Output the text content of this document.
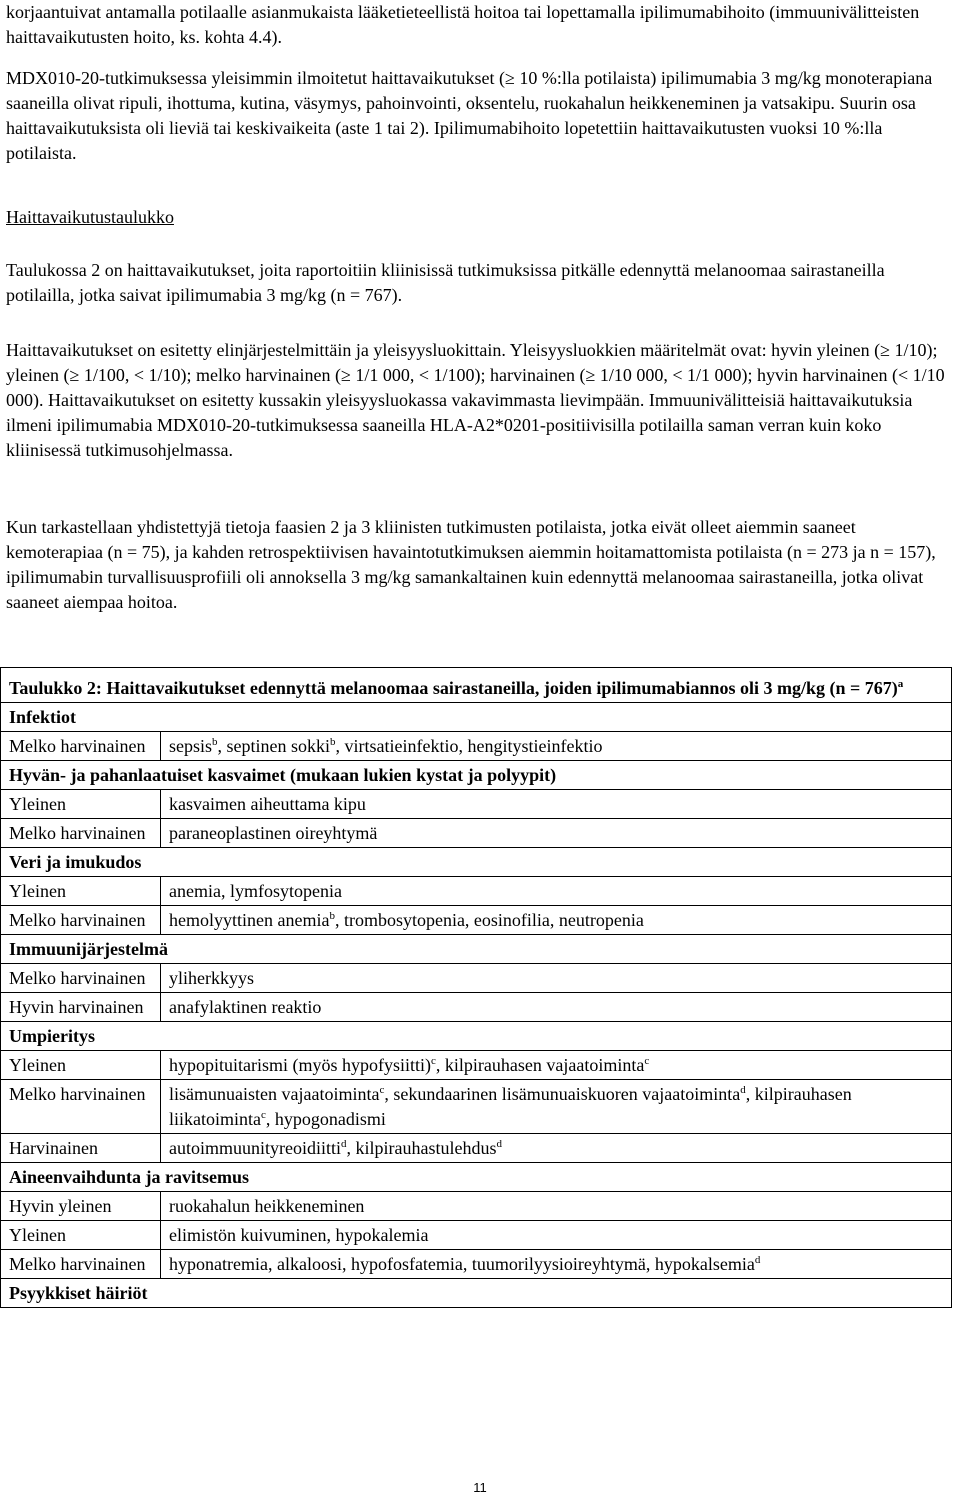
korjaantuivat antamalla potilaalle asianmukaista lääketieteellistä hoitoa tai lopettamalla ipilimumabihoito (immuunivälitteisten haittavaikutusten hoito, ks. kohta 4.4).

MDX010-20-tutkimuksessa yleisimmin ilmoitetut haittavaikutukset (≥ 10 %:lla potilaista) ipilimumabia 3 mg/kg monoterapiana saaneilla olivat ripuli, ihottuma, kutina, väsymys, pahoinvointi, oksentelu, ruokahalun heikkeneminen ja vatsakipu. Suurin osa haittavaikutuksista oli lieviä tai keskivaikeita (aste 1 tai 2). Ipilimumabihoito lopetettiin haittavaikutusten vuoksi 10 %:lla potilaista.

Haittavaikutustaulukko

Taulukossa 2 on haittavaikutukset, joita raportoitiin kliinisissä tutkimuksissa pitkälle edennyttä melanoomaa sairastaneilla potilailla, jotka saivat ipilimumabia 3 mg/kg (n = 767).

Haittavaikutukset on esitetty elinjärjestelmittäin ja yleisyysluokittain. Yleisyysluokkien määritelmät ovat: hyvin yleinen (≥ 1/10); yleinen (≥ 1/100, < 1/10); melko harvinainen (≥ 1/1 000, < 1/100); harvinainen (≥ 1/10 000, < 1/1 000); hyvin harvinainen (< 1/10 000). Haittavaikutukset on esitetty kussakin yleisyysluokassa vakavimmasta lievimpään. Immuunivälitteisiä haittavaikutuksia ilmeni ipilimumabia MDX010-20-tutkimuksessa saaneilla HLA-A2*0201-positiivisilla potilailla saman verran kuin koko kliinisessä tutkimusohjelmassa.

Kun tarkastellaan yhdistettyjä tietoja faasien 2 ja 3 kliinisten tutkimusten potilaista, jotka eivät olleet aiemmin saaneet kemoterapiaa (n = 75), ja kahden retrospektiivisen havaintotutkimuksen aiemmin hoitamattomista potilaista (n = 273 ja n = 157), ipilimumabin turvallisuusprofiili oli annoksella 3 mg/kg samankaltainen kuin edennyttä melanoomaa sairastaneilla, jotka olivat saaneet aiempaa hoitoa.

Taulukko 2: Haittavaikutukset edennyttä melanoomaa sairastaneilla, joiden ipilimumabiannos oli 3 mg/kg (n = 767)$^a$
Infektiot	
Melko harvinainen	sepsis$^b$, septinen sokki$^b$, virtsatieinfektio, hengitystieinfektio
Hyvän- ja pahanlaatuiset kasvaimet (mukaan lukien kystat ja polyypit)	
Yleinen	kasvaimen aiheuttama kipu
Melko harvinainen	paraneoplastinen oireyhtymä
Veri ja imukudos	
Yleinen	anemia, lymfosytopenia
Melko harvinainen	hemolyyttinen anemia$^b$, trombosytopenia, eosinofilia, neutropenia
Immuunijärjestelmä	
Melko harvinainen	yliherkkyys
Hyvin harvinainen	anafylaktinen reaktio
Umpieritys	
Yleinen	hypopituitarismi (myös hypofysiitti)$^c$, kilpirauhasen vajaatoiminta$^c$
Melko harvinainen	lisämunuaisten vajaatoiminta$^c$, sekundaarinen lisämunuaiskuoren vajaatoiminta$^d$, kilpirauhasen liikatoiminta$^c$, hypogonadismi
Harvinainen	autoimmuunityreoidiitti$^d$, kilpirauhastulehdus$^d$
Aineenvaihdunta ja ravitsemus	
Hyvin yleinen	ruokahalun heikkeneminen
Yleinen	elimistön kuivuminen, hypokalemia
Melko harvinainen	hyponatremia, alkaloosi, hypofosfatemia, tuumorilyysioireyhtymä, hypokalsemia$^d$
Psyykkiset häiriöt	
11
